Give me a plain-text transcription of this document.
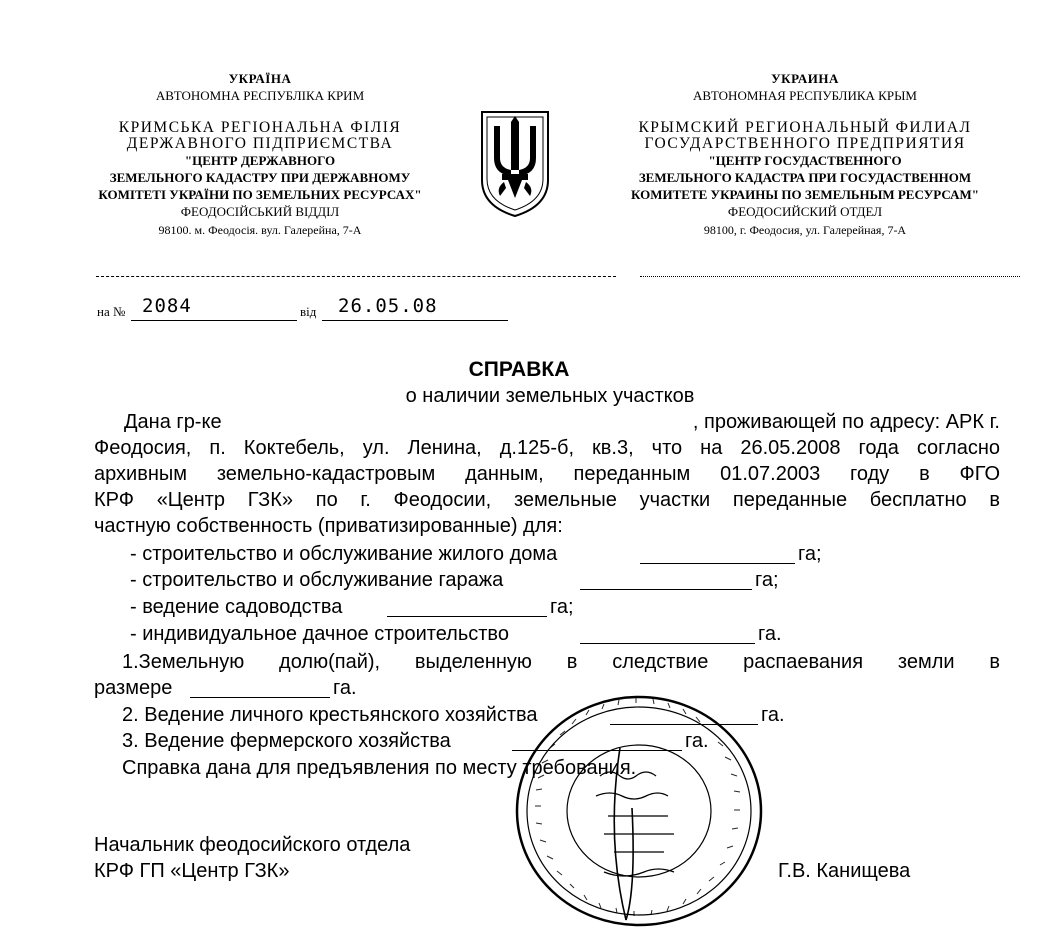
УКРАЇНА
АВТОНОМНА РЕСПУБЛІКА КРИМ
КРИМСЬКА РЕГІОНАЛЬНА ФІЛІЯ
ДЕРЖАВНОГО ПІДПРИЄМСТВА
"ЦЕНТР ДЕРЖАВНОГО
ЗЕМЕЛЬНОГО КАДАСТРУ ПРИ ДЕРЖАВНОМУ
КОМІТЕТІ УКРАЇНИ ПО ЗЕМЕЛЬНИХ РЕСУРСАХ"
ФЕОДОСІЙСЬКИЙ ВІДДІЛ
98100. м. Феодосія. вул. Галерейна, 7-А
УКРАИНА
АВТОНОМНАЯ РЕСПУБЛИКА КРЫМ
КРЫМСКИЙ РЕГИОНАЛЬНЫЙ ФИЛИАЛ
ГОСУДАРСТВЕННОГО ПРЕДПРИЯТИЯ
"ЦЕНТР ГОСУДАСТВЕННОГО
ЗЕМЕЛЬНОГО КАДАСТРА ПРИ ГОСУДАСТВЕННОМ
КОМИТЕТЕ УКРАИНЫ ПО ЗЕМЕЛЬНЫМ РЕСУРСАМ"
ФЕОДОСИЙСКИЙ ОТДЕЛ
98100, г. Феодосия, ул. Галерейная, 7-А
на № 2084	від 26.05.08
СПРАВКА
о наличии земельных участков
Дана гр-ке	, проживающей по адресу: АРК г.
Феодосия, п. Коктебель, ул. Ленина, д.125-б, кв.3, что на 26.05.2008 года согласно
архивным земельно-кадастровым данным, переданным 01.07.2003 году в ФГО
КРФ «Центр ГЗК» по г. Феодосии, земельные участки переданные бесплатно в
частную собственность (приватизированные) для:
- строительство и обслуживание жилого дома	га;
- строительство и обслуживание гаража	га;
- ведение садоводства	га;
- индивидуальное дачное строительство	га.
1.Земельную долю(пай), выделенную в следствие распаевания земли в
размере	га.
2. Ведение личного крестьянского хозяйства	га.
3. Ведение фермерского хозяйства	га.
Справка дана для предъявления по месту требования.
Начальник феодосийского отдела
КРФ ГП «Центр ГЗК»	Г.В. Канищева
